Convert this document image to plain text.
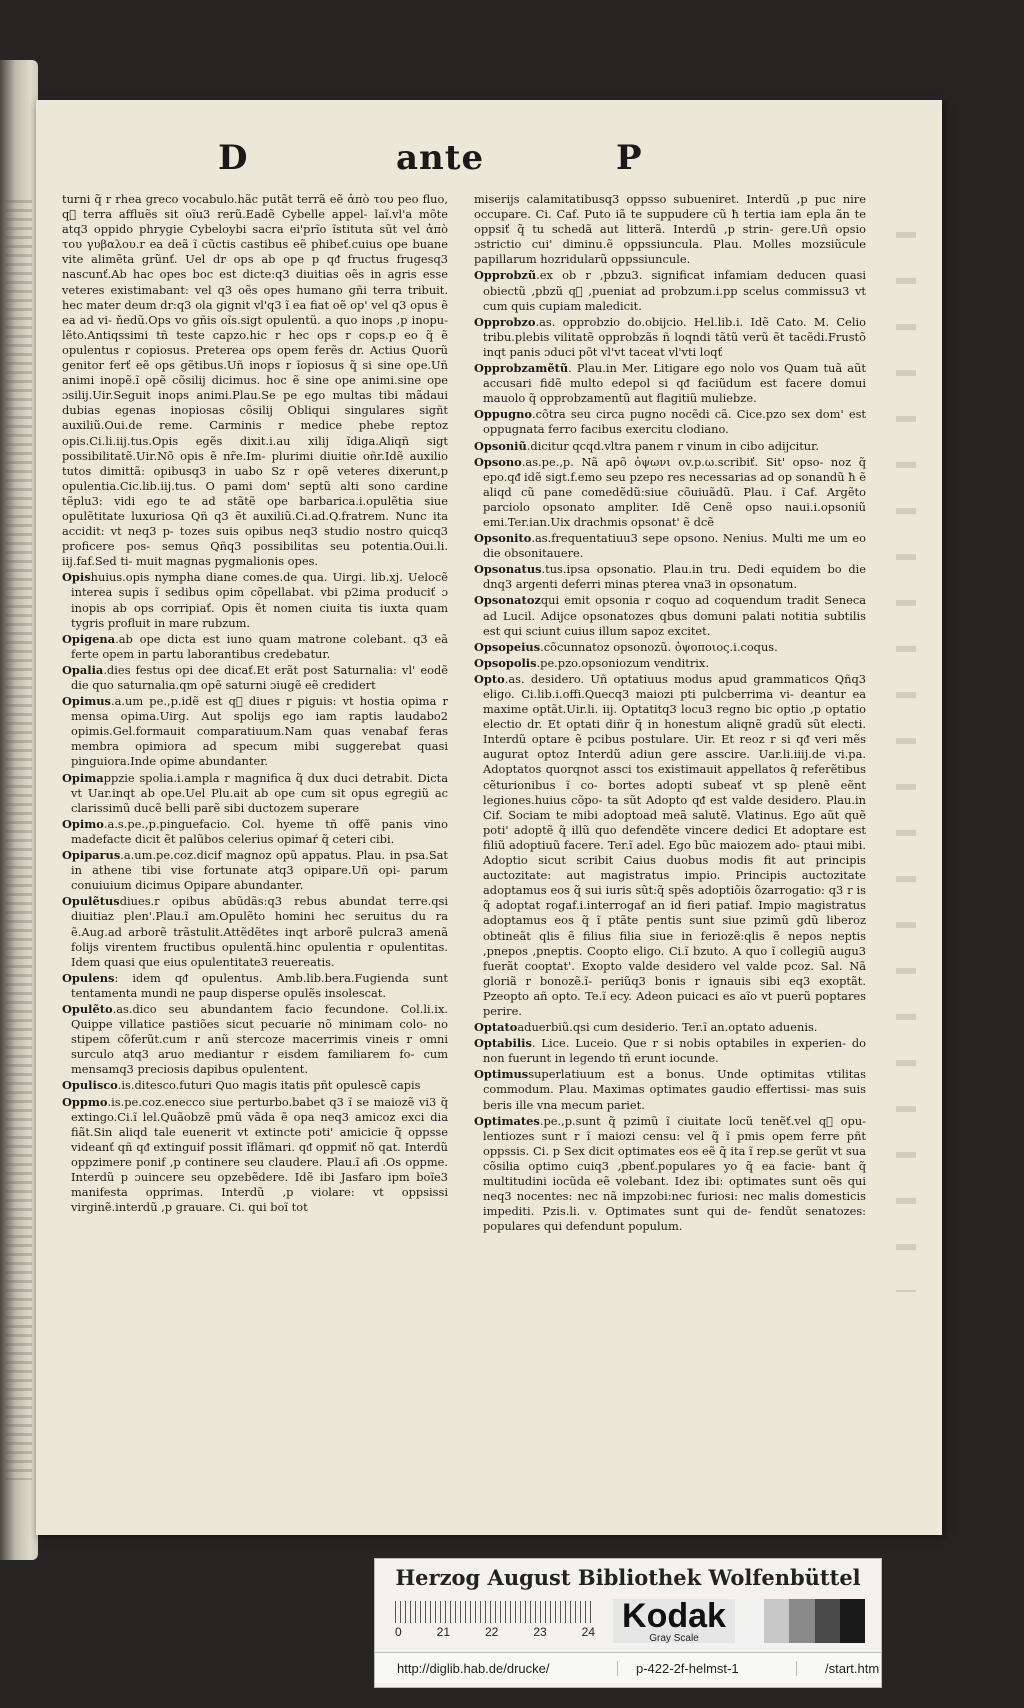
D	ante	P

turni q̃ r rhea greco vocabulo.hãc putãt terrã eẽ ἀπὸ του peo fluo, qᷓ terra affluẽs sit oĩu3 rerũ.Eadẽ Cybelle appel- laĩ.vl'a mõte atq3 oppido phrygie Cybeloybi sacra ei'prĩo ĩstituta sũt vel ἀπὸ του γυβαλου.r ea deã ĩ cũctis castibus eẽ phibeť.cuius ope buane vite alimẽta grũnť. Uel dr ops ab ope p qᵭ fructus frugesq3 nascunť.Ab hac opes boc est dicte:q3 diuitias oẽs in agris esse veteres existimabant: vel q3 oẽs opes humano gñi terra tribuit. hec mater deum dr:q3 ola gignit vl'q3 ĩ ea fiat oẽ op' vel q3 opus ẽ ea ad vi- ňedũ.Ops vo gñis oĩs.sigt opulentũ. a quo inops ,p inopu- lẽto.Antiqssimi tñ teste capzo.hic r hec ops r cops.p eo q̃ ẽ opulentus r copiosus. Preterea ops opem ferẽs dr. Actius Quorũ genitor ferť eẽ ops gẽtibus.Uñ inops r ĩopiosus q̃ si sine ope.Uñ animi inopẽ.ĩ opẽ cõsilij dicimus. hoc ẽ sine ope animi.sine ope ɔsilij.Uir.Seguit inops animi.Plau.Se pe ego multas tibi mãdaui dubias egenas inopiosas cõsilij Obliqui singulares sigñt auxiliũ.Oui.de reme. Carminis r medice phebe reptoz opis.Ci.li.iij.tus.Opis egẽs dixit.i.au xilij ĩdiga.Aliqñ sigt possibilitatẽ.Uir.Nõ opis ẽ nr̃e.Im- plurimi diuitie oñr.Idẽ auxilio tutos dimittã: opibusq3 in uabo Sz r opẽ veteres dixerunt,p opulentia.Cic.lib.iij.tus. O pami dom' septũ alti sono cardine tẽplu3: vidi ego te ad stãtẽ ope barbarica.i.opulẽtia siue opulẽtitate luxuriosa Qñ q3 ẽt auxiliũ.Ci.ad.Q.fratrem. Nunc ita accidit: vt neq3 p- tozes suis opibus neq3 studio nostro quicq3 proficere pos- semus Qñq3 possibilitas seu potentia.Oui.li. iij.faf.Sed ti- muit magnas pygmalionis opes.

Opishuius.opis nympha diane comes.de qua. Uirgi. lib.xj. Uelocẽ interea supis ĩ sedibus opim cõpellabat. vbi p2ima produciť ɔ inopis ab ops corripiať. Opis ẽt nomen ciuita tis iuxta quam tygris profluit in mare rubzum.

Opigena.ab ope dicta est iuno quam matrone colebant. q3 eã ferte opem in partu laborantibus credebatur.

Opalia.dies festus opi dee dicať.Et erãt post Saturnalia: vl' eodẽ die quo saturnalia.qm opẽ saturni ɔiugẽ eẽ credidert

Opimus.a.um pe.,p.idẽ est qᷓ diues r piguis: vt hostia opima r mensa opima.Uirg. Aut spolijs ego iam raptis laudabo2 opimis.Gel.formauit comparatiuum.Nam quas venabaf feras membra opimiora ad specum mibi suggerebat quasi pinguiora.Inde opime abundanter.

Opimappzie spolia.i.ampla r magnifica q̃ dux duci detrabit. Dicta vt Uar.inqt ab ope.Uel Plu.ait ab ope cum sit opus egregiũ ac clarissimũ ducẽ belli parẽ sibi ductozem superare

Opimo.a.s.pe.,p.pinguefacio. Col. hyeme tñ offẽ panis vino madefacte dicit ẽt palũbos celerius opimaŕ q̃ ceteri cibi.

Opiparus.a.um.pe.coz.dicif magnoz opũ appatus. Plau. in psa.Sat in athene tibi vise fortunate atq3 opipare.Uñ opi- parum conuiuium dicimus Opipare abundanter.

Opulẽtusdiues.r opibus abũdãs:q3 rebus abundat terre.qsi diuitiaz plen'.Plau.ĩ am.Opulẽto homini hec seruitus du ra ẽ.Aug.ad arborẽ trãstulit.Attẽdẽtes inqt arborẽ pulcra3 amenã folijs virentem fructibus opulentã.hinc opulentia r opulentitas. Idem quasi que eius opulentitate3 reuereatis.

Opulens: idem qᵭ opulentus. Amb.lib.bera.Fugienda sunt tentamenta mundi ne paup disperse opulẽs insolescat.

Opulẽto.as.dico seu abundantem facio fecundone. Col.li.ix. Quippe villatice pastiões sicut pecuarie nõ minimam colo- no stipem cõferũt.cum r anũ stercoze macerrimis vineis r omni surculo atq3 aruo mediantur r eisdem familiarem fo- cum mensamq3 preciosis dapibus opulentent.

Opulisco.is.ditesco.futuri Quo magis itatis pñt opulescẽ capis

Oppmo.is.pe.coz.enecco siue perturbo.babet q3 ĩ se maiozẽ vi3 q̃ extingo.Ci.ĩ lel.Quãobzẽ pmũ vãda ẽ opa neq3 amicoz exci dia fiãt.Sin aliqd tale euenerit vt extincte poti' amicicie q̃ oppsse videanť qñ qᵭ extinguif possit ĩflãmari. qᵭ oppmiť nõ qat. Interdũ oppzimere ponif ,p continere seu claudere. Plau.ĩ afi .Os oppme. Interdũ p ɔuincere seu opzebẽdere. Idẽ ibi Jasfaro ipm boĩe3 manifesta opprimas. Interdũ ,p violare: vt oppsissi virginẽ.interdũ ,p grauare. Ci. qui boĩ tot

miserijs calamitatibusq3 oppsso subueniret. Interdũ ,p puc nire occupare. Ci. Caf. Puto iã te suppudere cũ ħ tertia iam epla ãn te oppsiť q̃ tu schedã aut litterã. Interdũ ,p strin- gere.Uñ opsio ɔstrictio cui' diminu.ẽ oppssiuncula. Plau. Molles mozsiũcule papillarum hozridularũ oppssiuncule.

Opprobzũ.ex ob r ,pbzu3. significat infamiam deducen quasi obiectũ ,pbzũ qᷓ ,pueniat ad probzum.i.pp scelus commissu3 vt cum quis cupiam maledicit.

Opprobzo.as. opprobzio do.obijcio. Hel.lib.i. Idẽ Cato. M. Celio tribu.plebis vilitatẽ opprobzãs ñ loqndi tãtũ verũ ẽt tacẽdi.Frustõ inqt panis ɔduci põt vl'vt taceat vl'vti loqť

Opprobzamẽtũ. Plau.in Mer. Litigare ego nolo vos Quam tuã aũt accusari fidẽ multo edepol si qᵭ faciũdum est facere domui mauolo q̃ opprobzamentũ aut flagitiũ muliebze.

Oppugno.cõtra seu circa pugno nocẽdi cã. Cice.pzo sex dom' est oppugnata ferro facibus exercitu clodiano.

Opsoniũ.dicitur qcqd.vltra panem r vinum in cibo adijcitur.

Opsono.as.pe.,p. Nã apõ ὀψωνι ov.p.ω.scribiť. Sit' opso- noz q̃ epo.qᵭ idẽ sigt.f.emo seu pzepo res necessarias ad op sonandũ ħ ẽ aliqd cũ pane comedẽdũ:siue cõuiuãdũ. Plau. ĩ Caf. Argẽto parciolo opsonato ampliter. Idẽ Cenẽ opso naui.i.opsoniũ emi.Ter.ian.Uix drachmis opsonat' ẽ dcẽ

Opsonito.as.frequentatiuu3 sepe opsono. Nenius. Multi me um eo die obsonitauere.

Opsonatus.tus.ipsa opsonatio. Plau.in tru. Dedi equidem bo die dnq3 argenti deferri minas pterea vna3 in opsonatum.

Opsonatozqui emit opsonia r coquo ad coquendum tradit Seneca ad Lucil. Adijce opsonatozes qbus domuni palati notitia subtilis est qui sciunt cuius illum sapoz excitet.

Opsopeius.cõcunnatoz opsonozũ. ὀψοποιος.i.coqus.

Opsopolis.pe.pzo.opsoniozum venditrix.

Opto.as. desidero. Uñ optatiuus modus apud grammaticos Qñq3 eligo. Ci.lib.i.offi.Quecq3 maiozi pti pulcberrima vi- deantur ea maxime optãt.Uir.li. iij. Optatitq3 locu3 regno bic optio ,p optatio electio dr. Et optati diñr q̃ in honestum aliqnẽ gradũ sũt electi. Interdũ optare ẽ pcibus postulare. Uir. Et reoz r si qᵭ veri mẽs augurat optoz Interdũ adiun gere asscire. Uar.li.iiij.de vi.pa. Adoptatos quorqnot assci tos existimauit appellatos q̃ referẽtibus cẽturionibus ĩ co- bortes adopti subeať vt sp plenẽ eẽnt legiones.huius cõpo- ta sũt Adopto qᵭ est valde desidero. Plau.in Cif. Sociam te mibi adoptoad meã salutẽ. Vlatinus. Ego aũt quẽ poti' adoptẽ q̃ illũ quo defendẽte vincere dedici Et adoptare est filiũ adoptiuũ facere. Ter.ĩ adel. Ego bũc maiozem ado- ptaui mibi. Adoptio sicut scribit Caius duobus modis fit aut principis auctozitate: aut magistratus impio. Principis auctozitate adoptamus eos q̃ sui iuris sũt:q̃ spẽs adoptiõis õzarrogatio: q3 r is q̃ adoptat rogaf.i.interrogaf an id fieri patiaf. Impio magistratus adoptamus eos q̃ ĩ ptãte pentis sunt siue pzimũ gdũ liberoz obtineãt qlis ẽ filius filia siue in feriozẽ:qlis ẽ nepos neptis ,pnepos ,pneptis. Coopto eligo. Ci.ĩ bzuto. A quo ĩ collegiũ augu3 fuerãt cooptat'. Exopto valde desidero vel valde pcoz. Sal. Nã gloriã r bonozẽ.ĩ- periũq3 bonis r ignauis sibi eq3 exoptãt. Pzeopto añ opto. Te.ĩ ecy. Adeon puicaci es aĩo vt puerũ poptares perire.

Optatoaduerbiũ.qsi cum desiderio. Ter.ĩ an.optato aduenis.

Optabilis. Lice. Luceio. Que r si nobis optabiles in experien- do non fuerunt in legendo tñ erunt iocunde.

Optimussuperlatiuum est a bonus. Unde optimitas vtilitas commodum. Plau. Maximas optimates gaudio effertissi- mas suis beris ille vna mecum pariet.

Optimates.pe.,p.sunt q̃ pzimũ ĩ ciuitate locũ tenẽť.vel qᷓ opu- lentiozes sunt r ĩ maiozi censu: vel q̃ ĩ pmis opem ferre pñt oppssis. Ci. p Sex dicit optimates eos eẽ q̃ ita ĩ rep.se gerũt vt sua cõsilia optimo cuiq3 ,pbenť.populares yo q̃ ea facie- bant q̃ multitudini iocũda eẽ volebant. Idez ibi: optimates sunt oẽs qui neq3 nocentes: nec nã impzobi:nec furiosi: nec malis domesticis impediti. Pzis.li. v. Optimates sunt qui de- fendũt senatozes: populares qui defendunt populum.

Herzog August Bibliothek Wolfenbüttel
0	21	22	23	24 Kodak
Gray Scale
http://diglib.hab.de/drucke/	p-422-2f-helmst-1	/start.htm
